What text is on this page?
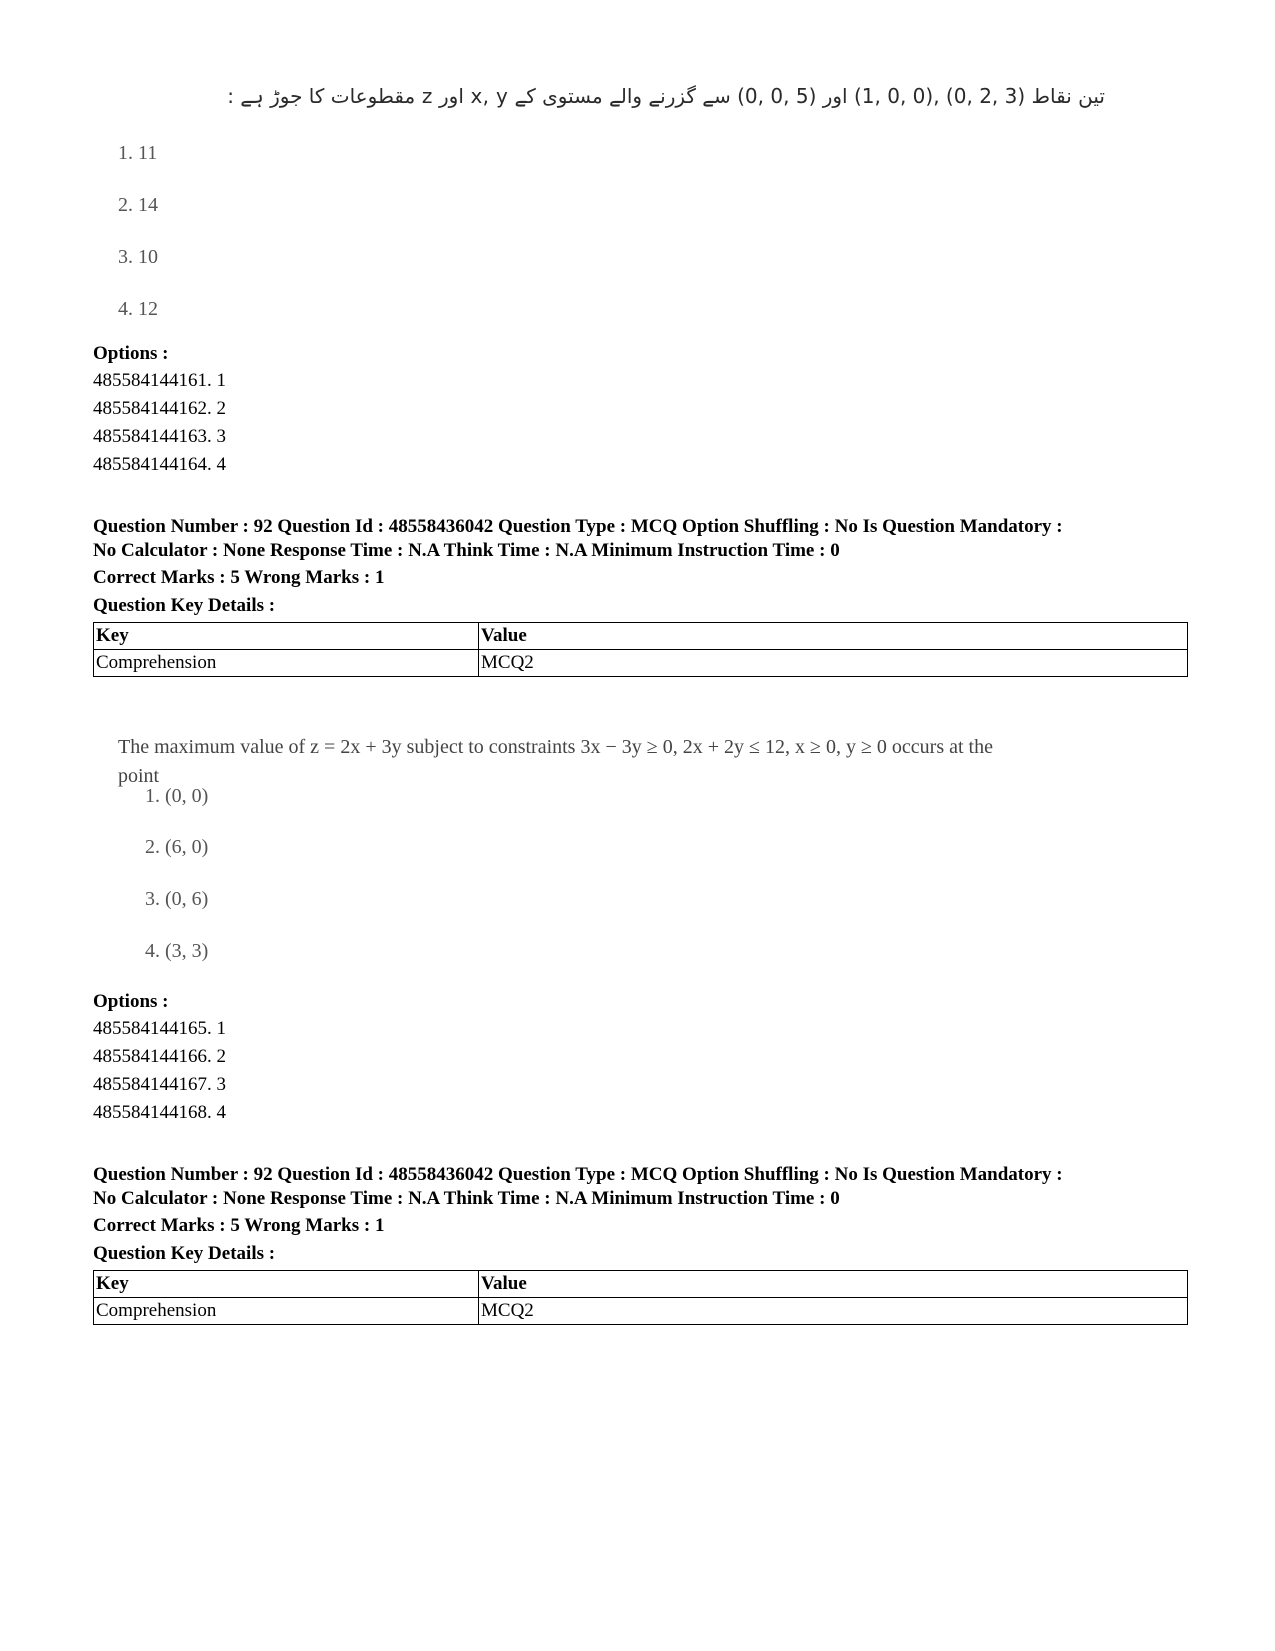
تین نقاط (3 ,2 ,0) ,(0 ,0 ,1) اور (5 ,0 ,0) سے گزرنے والے مستوی کے x, y اور z مقطوعات کا جوڑ ہے :
1. 11
2. 14
3. 10
4. 12
Options :
485584144161. 1
485584144162. 2
485584144163. 3
485584144164. 4
Question Number : 92 Question Id : 48558436042 Question Type : MCQ Option Shuffling : No Is Question Mandatory :
No Calculator : None Response Time : N.A Think Time : N.A Minimum Instruction Time : 0
Correct Marks : 5 Wrong Marks : 1
Question Key Details :
Key	Value
Comprehension	MCQ2
The maximum value of z = 2x + 3y subject to constraints 3x − 3y ≥ 0, 2x + 2y ≤ 12, x ≥ 0, y ≥ 0 occurs at the
point
1. (0, 0)
2. (6, 0)
3. (0, 6)
4. (3, 3)
Options :
485584144165. 1
485584144166. 2
485584144167. 3
485584144168. 4
Question Number : 92 Question Id : 48558436042 Question Type : MCQ Option Shuffling : No Is Question Mandatory :
No Calculator : None Response Time : N.A Think Time : N.A Minimum Instruction Time : 0
Correct Marks : 5 Wrong Marks : 1
Question Key Details :
Key	Value
Comprehension	MCQ2
